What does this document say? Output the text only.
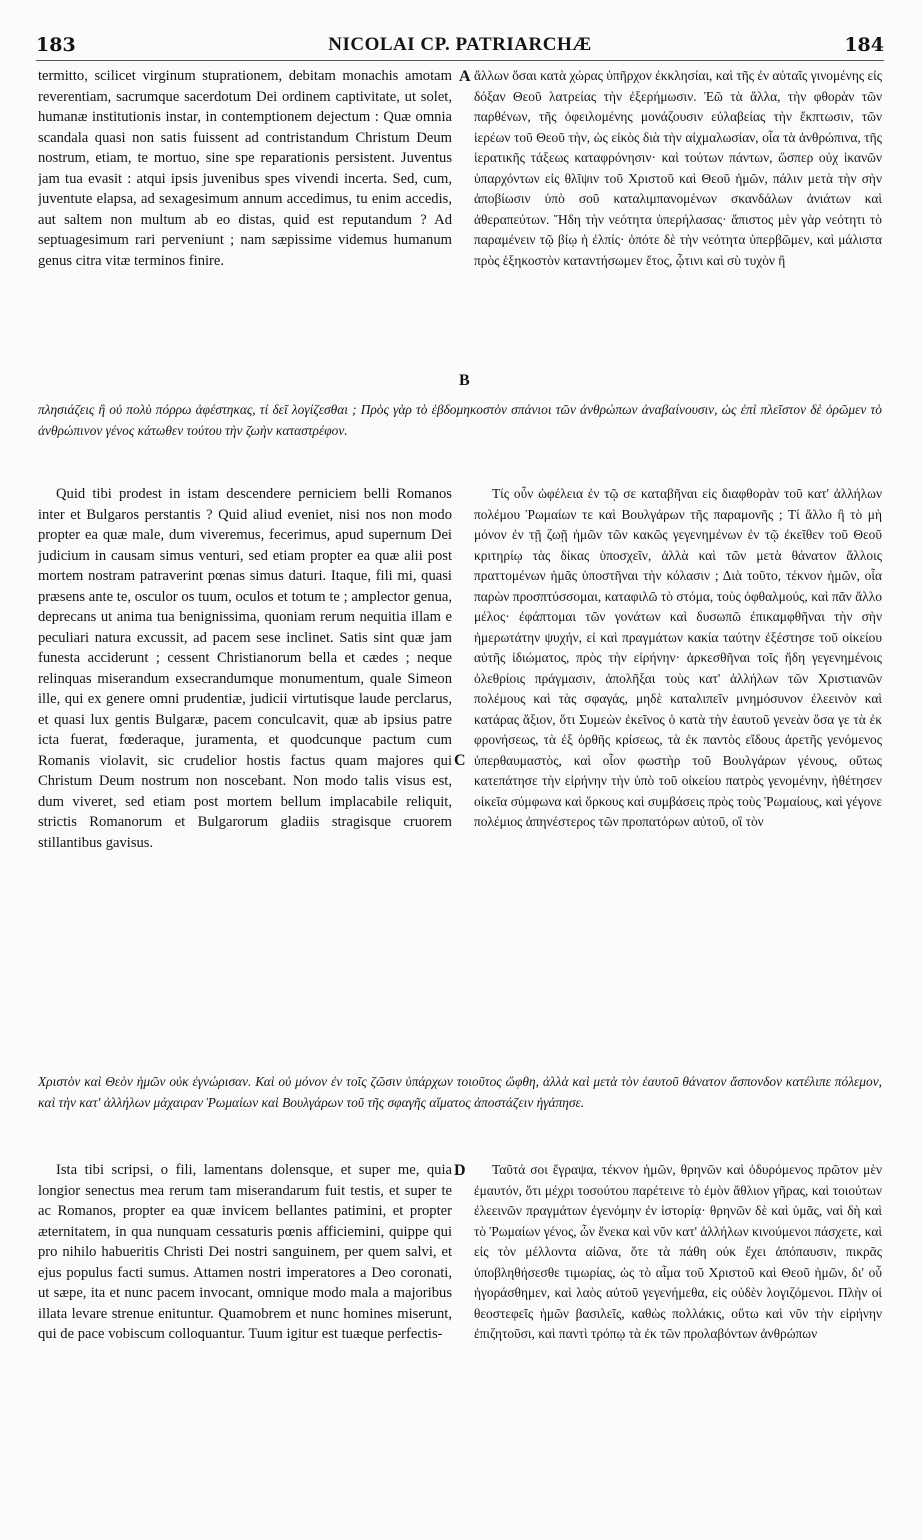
183	NICOLAI CP. PATRIARCHÆ	184
A

termitto, scilicet virginum stuprationem, debitam monachis amotam reverentiam, sacrumque sacerdotum Dei ordinem captivitate, ut solet, humanæ institutionis instar, in contemptionem dejectum : Quæ omnia scandala quasi non satis fuissent ad contristandum Christum Deum nostrum, etiam, te mortuo, sine spe reparationis persistent. Juventus jam tua evasit : atqui ipsis juvenibus spes vivendi incerta. Sed, cum, juventute elapsa, ad sexagesimum annum accedimus, tu enim accedis, aut saltem non multum ab eo distas, quid est reputandum ? Ad septuagesimum rari perveniunt ; nam sæpissime videmus humanum genus citra vitæ terminos finire.

ἄλλων ὅσαι κατὰ χώρας ὑπῆρχον ἐκκλησίαι, καὶ τῆς ἐν αὐταῖς γινομένης εἰς δόξαν Θεοῦ λατρείας τὴν ἐξερήμωσιν. Ἐῶ τὰ ἄλλα, τὴν φθορὰν τῶν παρθένων, τῆς ὀφειλομένης μονάζουσιν εὐλαβείας τὴν ἔκπτωσιν, τῶν ἱερέων τοῦ Θεοῦ τὴν, ὡς εἰκὸς διὰ τὴν αἰχμαλωσίαν, οἷα τὰ ἀνθρώπινα, τῆς ἱερατικῆς τάξεως καταφρόνησιν· καὶ τούτων πάντων, ὥσπερ οὐχ ἱκανῶν ὑπαρχόντων εἰς θλῖψιν τοῦ Χριστοῦ καὶ Θεοῦ ἡμῶν, πάλιν μετὰ τὴν σὴν ἀποβίωσιν ὑπὸ σοῦ καταλιμπανομένων σκανδάλων ἀνιάτων καὶ ἀθεραπεύτων. Ἤδη τὴν νεότητα ὑπερήλασας· ἄπιστος μὲν γὰρ νεότητι τὸ παραμένειν τῷ βίῳ ἡ ἐλπίς· ὁπότε δὲ τὴν νεότητα ὑπερβῶμεν, καὶ μάλιστα πρὸς ἑξηκοστὸν καταντήσωμεν ἔτος, ᾧτινι καὶ σὺ τυχὸν ἢ

B

πλησιάζεις ἢ οὐ πολὺ πόρρω ἀφέστηκας, τί δεῖ λογίζεσθαι ; Πρὸς γὰρ τὸ ἑβδομηκοστὸν σπάνιοι τῶν ἀνθρώπων ἀναβαίνουσιν, ὡς ἐπὶ πλεῖστον δὲ ὁρῶμεν τὸ ἀνθρώπινον γένος κάτωθεν τούτου τὴν ζωὴν καταστρέφον.

Quid tibi prodest in istam descendere perniciem belli Romanos inter et Bulgaros perstantis ? Quid aliud eveniet, nisi nos non modo propter ea quæ male, dum viveremus, fecerimus, apud supernum Dei judicium in causam simus venturi, sed etiam propter ea quæ alii post mortem nostram patraverint pœnas simus daturi. Itaque, fili mi, quasi præsens ante te, osculor os tuum, oculos et totum te ; amplector genua, deprecans ut anima tua benignissima, quoniam rerum nequitia illam e peculiari natura excussit, ad pacem sese inclinet. Satis sint quæ jam funesta acciderunt ; cessent Christianorum bella et cædes ; neque relinquas miserandum exsecrandumque monumentum, quale Simeon ille, qui ex genere omni prudentiæ, judicii virtutisque laude perclarus, et quasi lux gentis Bulgaræ, pacem conculcavit, quæ ab ipsius patre icta fuerat, fœderaque, juramenta, et quodcunque pactum cum Romanis violavit, sic crudelior hostis factus quam majores qui Christum Deum nostrum non noscebant. Non modo talis visus est, dum viveret, sed etiam post mortem bellum implacabile reliquit, strictis Romanorum et Bulgarorum gladiis stragisque cruorem stillantibus gavisus.

Τίς οὖν ὠφέλεια ἐν τῷ σε καταβῆναι εἰς διαφθορὰν τοῦ κατ' ἀλλήλων πολέμου Ῥωμαίων τε καὶ Βουλγάρων τῆς παραμονῆς ; Τί ἄλλο ἢ τὸ μὴ μόνον ἐν τῇ ζωῇ ἡμῶν τῶν κακῶς γεγενημένων ἐν τῷ ἐκεῖθεν τοῦ Θεοῦ κριτηρίῳ τὰς δίκας ὑποσχεῖν, ἀλλὰ καὶ τῶν μετὰ θάνατον ἄλλοις πραττομένων ἡμᾶς ὑποστῆναι τὴν κόλασιν ; Διὰ τοῦτο, τέκνον ἡμῶν, οἷα παρὼν προσπτύσσομαι, καταφιλῶ τὸ στόμα, τοὺς ὀφθαλμούς, καὶ πᾶν ἄλλο μέλος· ἐφάπτομαι τῶν γονάτων καὶ δυσωπῶ ἐπικαμφθῆναι τὴν σὴν ἡμερωτάτην ψυχήν, εἰ καὶ πραγμάτων κακία ταύτην ἐξέστησε τοῦ οἰκείου αὐτῆς ἰδιώματος, πρὸς τὴν εἰρήνην· ἀρκεσθῆναι τοῖς ἤδη γεγενημένοις ὀλεθρίοις πράγμασιν, ἀπολῆξαι τοὺς κατ' ἀλλήλων τῶν Χριστιανῶν πολέμους καὶ τὰς σφαγάς, μηδὲ καταλιπεῖν μνημόσυνον ἐλεεινὸν καὶ κατάρας ἄξιον, ὅτι Συμεὼν ἐκεῖνος ὁ κατὰ τὴν ἑαυτοῦ γενεὰν ὅσα γε τὰ ἐκ φρονήσεως, τὰ ἐξ ὀρθῆς κρίσεως, τὰ ἐκ παντὸς εἴδους ἀρετῆς γενόμενος ὑπερθαυμαστὸς, καὶ οἷον φωστὴρ τοῦ Βουλγάρων γένους, οὕτως κατεπάτησε τὴν εἰρήνην τὴν ὑπὸ τοῦ οἰκείου πατρὸς γενομένην, ἠθέτησεν οἰκεῖα σύμφωνα καὶ ὅρκους καὶ συμβάσεις πρὸς τοὺς Ῥωμαίους, καὶ γέγονε πολέμιος ἀπηνέστερος τῶν προπατόρων αὐτοῦ, οἳ τὸν

C

Χριστὸν καὶ Θεὸν ἡμῶν οὐκ ἐγνώρισαν. Καὶ οὐ μόνον ἐν τοῖς ζῶσιν ὑπάρχων τοιοῦτος ὤφθη, ἀλλὰ καὶ μετὰ τὸν ἑαυτοῦ θάνατον ἄσπονδον κατέλιπε πόλεμον, καὶ τὴν κατ' ἀλλήλων μάχαιραν Ῥωμαίων καὶ Βουλγάρων τοῦ τῆς σφαγῆς αἵματος ἀποστάζειν ἠγάπησε.

Ista tibi scripsi, o fili, lamentans dolensque, et super me, quia longior senectus mea rerum tam miserandarum fuit testis, et super te ac Romanos, propter ea quæ invicem bellantes patimini, et propter æternitatem, in qua nunquam cessaturis pœnis afficiemini, quippe qui pro nihilo habueritis Christi Dei nostri sanguinem, per quem salvi, et ejus populus facti sumus. Attamen nostri imperatores a Deo coronati, ut sæpe, ita et nunc pacem invocant, omnique modo mala a majoribus illata levare strenue enituntur. Quamobrem et nunc homines miserunt, qui de pace vobiscum colloquantur. Tuum igitur est tuæque perfectis-

D	Ταῦτά σοι ἔγραψα, τέκνον ἡμῶν, θρηνῶν καὶ ὀδυρόμενος πρῶτον μὲν ἐμαυτόν, ὅτι μέχρι τοσούτου παρέτεινε τὸ ἐμὸν ἄθλιον γῆρας, καὶ τοιούτων ἐλεεινῶν πραγμάτων ἐγενόμην ἐν ἱστορίᾳ· θρηνῶν δὲ καὶ ὑμᾶς, ναὶ δὴ καὶ τὸ Ῥωμαίων γένος, ὧν ἕνεκα καὶ νῦν κατ' ἀλλήλων κινούμενοι πάσχετε, καὶ εἰς τὸν μέλλοντα αἰῶνα, ὅτε τὰ πάθη οὐκ ἔχει ἀπόπαυσιν, πικρᾶς ὑποβληθήσεσθε τιμωρίας, ὡς τὸ αἷμα τοῦ Χριστοῦ καὶ Θεοῦ ἡμῶν, δι' οὗ ἠγοράσθημεν, καὶ λαὸς αὐτοῦ γεγενήμεθα, εἰς οὐδὲν λογιζόμενοι. Πλὴν οἱ θεοστεφεῖς ἡμῶν βασιλεῖς, καθὼς πολλάκις, οὕτω καὶ νῦν τὴν εἰρήνην ἐπιζητοῦσι, καὶ παντὶ τρόπῳ τὰ ἐκ τῶν προλαβόντων ἀνθρώπων
